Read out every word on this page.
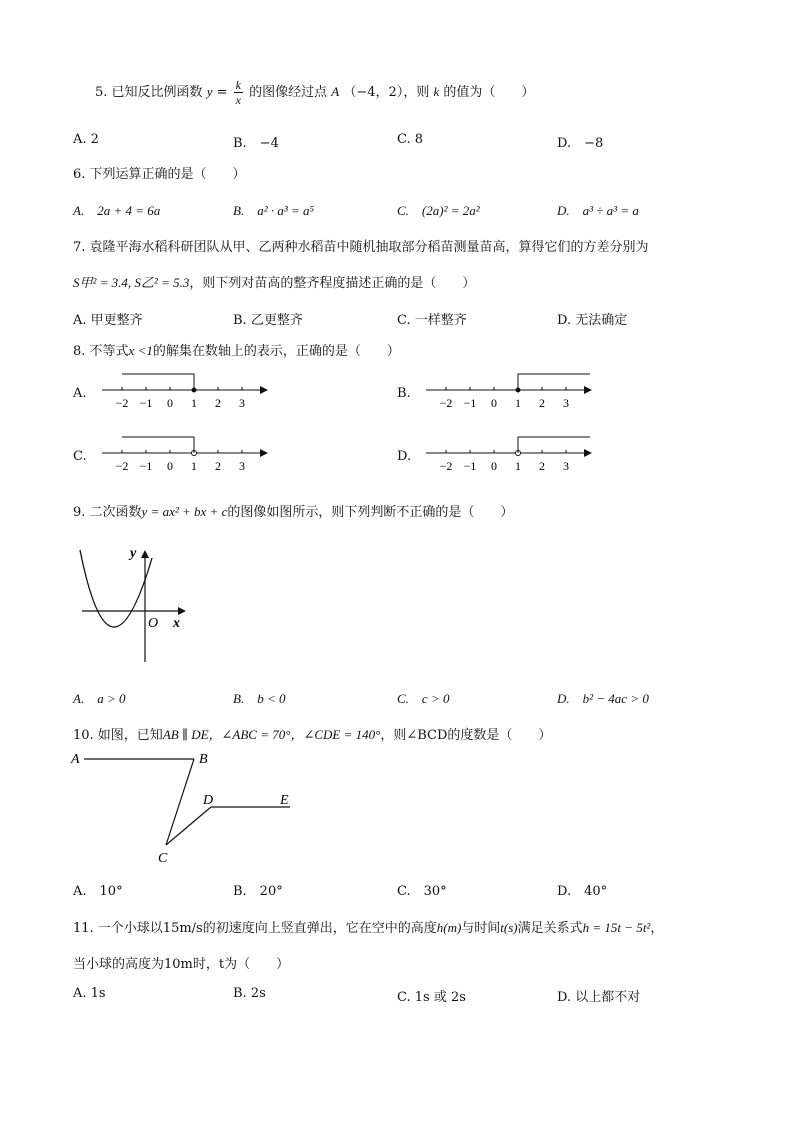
5. 已知反比例函数 $y = \frac{k}{x}$ 的图像经过点 A （−4，2），则 k 的值为（　　）
A. 2	B.　−4	C. 8	D.　−8
6. 下列运算正确的是（　　）
A.　2a + 4 = 6a	B.　a² · a³ = a⁵	C.　(2a)² = 2a²	D.　a³ ÷ a³ = a
7. 袁隆平海水稻科研团队从甲、乙两种水稻苗中随机抽取部分稻苗测量苗高，算得它们的方差分别为
S甲² = 3.4, S乙² = 5.3，则下列对苗高的整齐程度描述正确的是（　　）
A. 甲更整齐	B. 乙更整齐	C. 一样整齐	D. 无法确定
8. 不等式x <1的解集在数轴上的表示，正确的是（　　）
A.	B.
C.	D.
−2 −1 0 1 2 3	−2 −1 0 1 2 3
−2 −1 0 1 2 3	−2 −1 0 1 2 3
9. 二次函数y = ax² + bx + c的图像如图所示，则下列判断不正确的是（　　）
y
O x
A.　a > 0	B.　b < 0	C.　c > 0	D.　b² − 4ac > 0
10. 如图，已知AB ∥ DE，∠ABC = 70°，∠CDE = 140°，则∠BCD的度数是（　　）
A	B
C
D	E
A.　10°	B.　20°	C.　30°	D.　40°
11. 一个小球以15m/s的初速度向上竖直弹出，它在空中的高度h(m)与时间t(s)满足关系式h = 15t − 5t²，
当小球的高度为10m时，t为（　　）
A. 1s	B. 2s	C. 1s 或 2s	D. 以上都不对
